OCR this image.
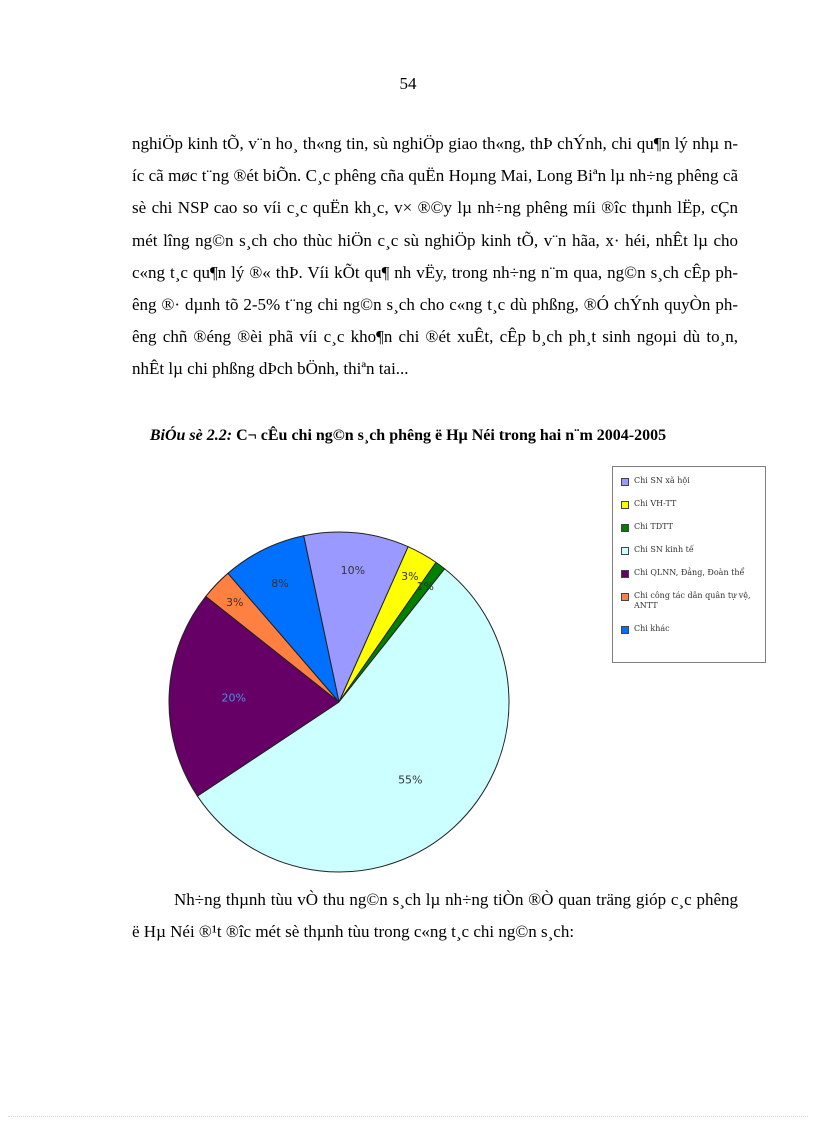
54

nghiÖp kinh tÕ, v¨n ho¸ th«ng tin, sù nghiÖp giao th«ng, thÞ chÝnh, chi qu¶n lý nhµ níc cã møc t¨ng ®ét biÕn. C¸c phêng cña quËn Hoµng Mai, Long Biªn lµ nh÷ng phêng cã sè chi NSP cao so víi c¸c quËn kh¸c, v× ®©y lµ nh÷ng phêng míi ®îc thµnh lËp, cÇn mét lîng ng©n s¸ch cho thùc hiÖn c¸c sù nghiÖp kinh tÕ, v¨n hãa, x· héi, nhÊt lµ cho c«ng t¸c qu¶n lý ®« thÞ. Víi kÕt qu¶ nh vËy, trong nh÷ng n¨m qua, ng©n s¸ch cÊp phêng ®· dµnh tõ 2-5% t¨ng chi ng©n s¸ch cho c«ng t¸c dù phßng, ®Ó chÝnh quyÒn phêng chñ ®éng ®èi phã víi c¸c kho¶n chi ®ét xuÊt, cÊp b¸ch ph¸t sinh ngoµi dù to¸n, nhÊt lµ chi phßng dÞch bÖnh, thiªn tai...

BiÓu sè 2.2: C¬ cÊu chi ng©n s¸ch phêng ë Hµ Néi trong hai n¨m 2004-2005
10%	3%
1%
55%
20%
3%
8%
Chi SN xã hội
Chi VH-TT
Chi TDTT
Chi SN kinh tế
Chi QLNN, Đảng, Đoàn thể
Chi công tác dân quân tự vệ, ANTT
Chi khác

Nh÷ng thµnh tùu vÒ thu ng©n s¸ch lµ nh÷ng tiÒn ®Ò quan träng gióp c¸c phêng ë Hµ Néi ®¹t ®îc mét sè thµnh tùu trong c«ng t¸c chi ng©n s¸ch:
